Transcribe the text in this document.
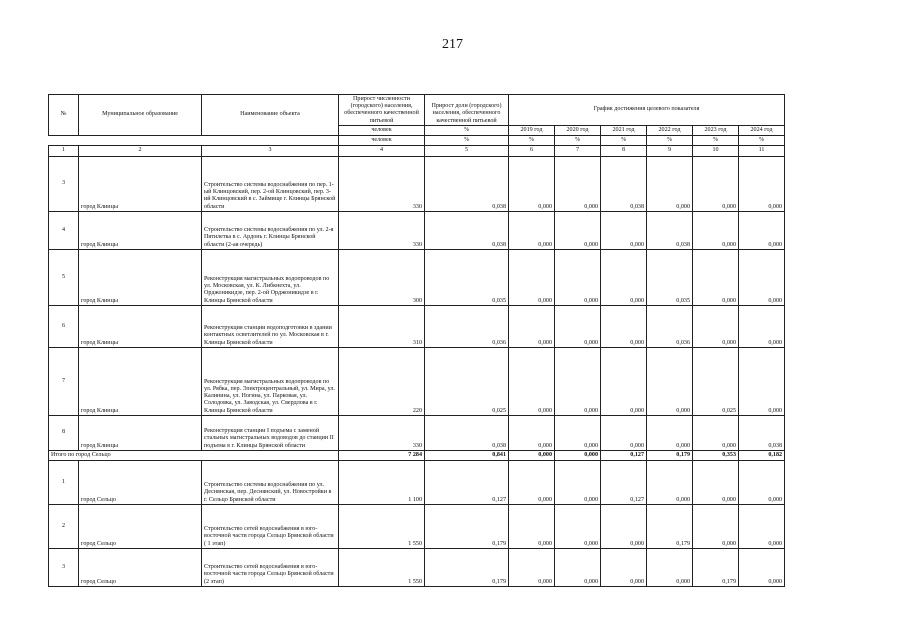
217
№	Муниципальное образование	Наименование объекта	Прирост численности (городского) населения, обеспеченного качественной питьевой	Прирост доли (городского) населения, обеспеченного качественной питьевой	График достижения целевого показателя					
			человек	%	2019 год	2020 год	2021 год	2022 год	2023 год	2024 год
			человек	%	%	%	%	%	%	%
1	2	3	4	5	6	7	8	9	10	11
3	город Клинцы	Строительство системы водоснабжения по пер. 1-ый Клинцовский, пер. 2-ой Клинцовский, пер. 3-ий Клинцовский в с. Займище г. Клинцы Брянской области	330	0,038	0,000	0,000	0,038	0,000	0,000	0,000
4	город Клинцы	Строительство системы водоснабжения по ул. 2-я Пятилетка в с. Ардонь г. Клинцы Брянской области (2-ая очередь)	330	0,038	0,000	0,000	0,000	0,038	0,000	0,000
5	город Клинцы	Реконструкция магистральных водопроводов по ул. Московская, ул. К. Либкнехта, ул. Орджоникидзе, пер. 2-ой Орджоникидзе в г. Клинцы Брянской области	300	0,035	0,000	0,000	0,000	0,035	0,000	0,000
6	город Клинцы	Реконструкция станции водоподготовки в здании контактных осветлителей по ул. Московская в г. Клинцы Брянской области	310	0,036	0,000	0,000	0,000	0,036	0,000	0,000
7	город Клинцы	Реконструкция магистральных водопроводов по ул. Рябка, пер. Электроцентральный, ул. Мира, ул. Калинина, ул. Ногина, ул. Парковая, ул. Солодовка, ул. Заводская, ул. Свердлова в г. Клинцы Брянской области	220	0,025	0,000	0,000	0,000	0,000	0,025	0,000
8	город Клинцы	Реконструкция станции I подъема с заменой стальных магистральных водоводов до станции II подъема в г. Клинцы Брянской области	330	0,038	0,000	0,000	0,000	0,000	0,000	0,038
Итого по город Сельцо			7 284	0,841	0,000	0,000	0,127	0,179	0,353	0,182
1	город Сельцо	Строительство системы водоснабжения по ул. Деснянская, пер. Деснянский, ул. Новостройки в г. Сельцо Брянской области	1 100	0,127	0,000	0,000	0,127	0,000	0,000	0,000
2	город Сельцо	Строительство сетей водоснабжения в юго-восточной части города Сельцо Брянской области ( 1 этап)	1 550	0,179	0,000	0,000	0,000	0,179	0,000	0,000
3	город Сельцо	Строительство сетей водоснабжения в юго-восточной части города Сельцо Брянской области (2 этап)	1 550	0,179	0,000	0,000	0,000	0,000	0,179	0,000
